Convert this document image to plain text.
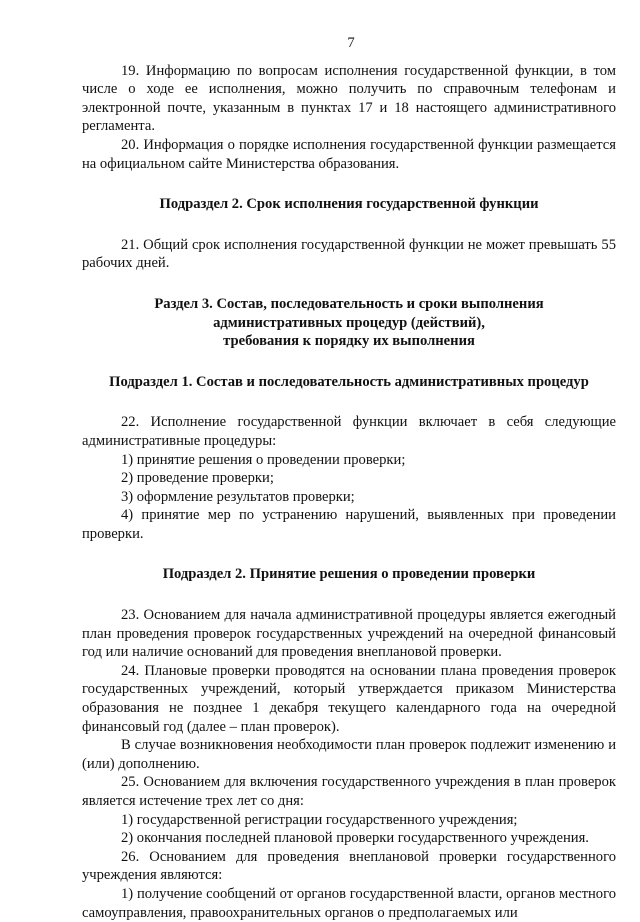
7

19. Информацию по вопросам исполнения государственной функции, в том числе о ходе ее исполнения, можно получить по справочным телефонам и электронной почте, указанным в пунктах 17 и 18 настоящего административного регламента.

20. Информация о порядке исполнения государственной функции размещается на официальном сайте Министерства образования.

Подраздел 2. Срок исполнения государственной функции

21. Общий срок исполнения государственной функции не может превышать 55 рабочих дней.

Раздел 3. Состав, последовательность и сроки выполнения

административных процедур (действий),

требования к порядку их выполнения

Подраздел 1. Состав и последовательность административных процедур

22. Исполнение государственной функции включает в себя следующие административные процедуры:

1) принятие решения о проведении проверки;

2) проведение проверки;

3) оформление результатов проверки;

4) принятие мер по устранению нарушений, выявленных при проведении проверки.

Подраздел 2. Принятие решения о проведении проверки

23. Основанием для начала административной процедуры является ежегодный план проведения проверок государственных учреждений на очередной финансовый год или наличие оснований для проведения внеплановой проверки.

24. Плановые проверки проводятся на основании плана проведения проверок государственных учреждений, который утверждается приказом Министерства образования не позднее 1 декабря текущего календарного года на очередной финансовый год (далее – план проверок).

В случае возникновения необходимости план проверок подлежит изменению и (или) дополнению.

25. Основанием для включения государственного учреждения в план проверок является истечение трех лет со дня:

1) государственной регистрации государственного учреждения;

2) окончания последней плановой проверки государственного учреждения.

26. Основанием для проведения внеплановой проверки государственного учреждения являются:

1) получение сообщений от органов государственной власти, органов местного самоуправления, правоохранительных органов о предполагаемых или
